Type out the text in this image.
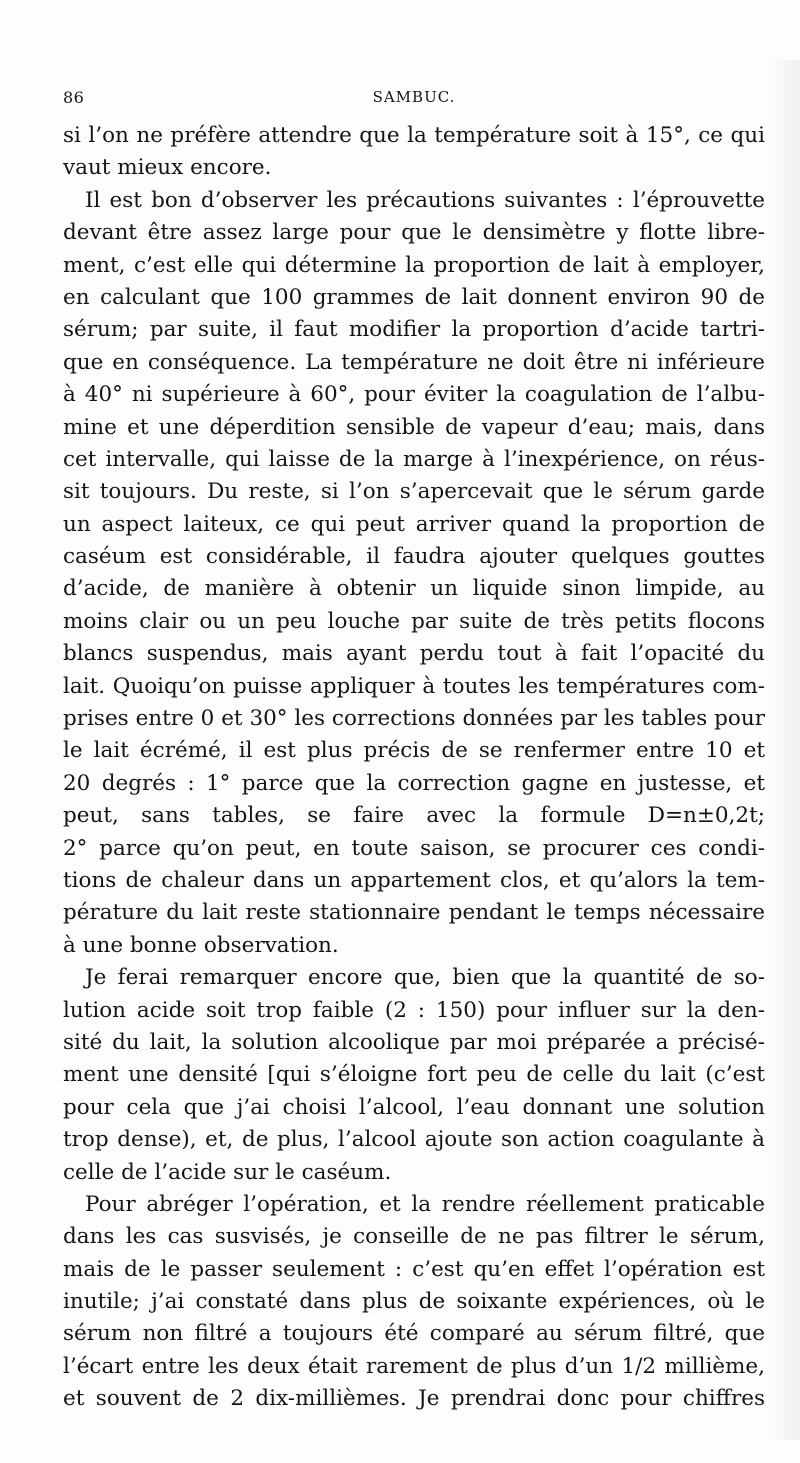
86	SAMBUC.
si l’on ne préfère attendre que la température soit à 15°, ce qui
vaut mieux encore.
Il est bon d’observer les précautions suivantes : l’éprouvette
devant être assez large pour que le densimètre y flotte libre-
ment, c’est elle qui détermine la proportion de lait à employer,
en calculant que 100 grammes de lait donnent environ 90 de
sérum; par suite, il faut modifier la proportion d’acide tartri-
que en conséquence. La température ne doit être ni inférieure
à 40° ni supérieure à 60°, pour éviter la coagulation de l’albu-
mine et une déperdition sensible de vapeur d’eau; mais, dans
cet intervalle, qui laisse de la marge à l’inexpérience, on réus-
sit toujours. Du reste, si l’on s’apercevait que le sérum garde
un aspect laiteux, ce qui peut arriver quand la proportion de
caséum est considérable, il faudra ajouter quelques gouttes
d’acide, de manière à obtenir un liquide sinon limpide, au
moins clair ou un peu louche par suite de très petits flocons
blancs suspendus, mais ayant perdu tout à fait l’opacité du
lait. Quoiqu’on puisse appliquer à toutes les températures com-
prises entre 0 et 30° les corrections données par les tables pour
le lait écrémé, il est plus précis de se renfermer entre 10 et
20 degrés : 1° parce que la correction gagne en justesse, et
peut, sans tables, se faire avec la formule D=n±0,2t;
2° parce qu’on peut, en toute saison, se procurer ces condi-
tions de chaleur dans un appartement clos, et qu’alors la tem-
pérature du lait reste stationnaire pendant le temps nécessaire
à une bonne observation.
Je ferai remarquer encore que, bien que la quantité de so-
lution acide soit trop faible (2 : 150) pour influer sur la den-
sité du lait, la solution alcoolique par moi préparée a précisé-
ment une densité [qui s’éloigne fort peu de celle du lait (c’est
pour cela que j’ai choisi l’alcool, l’eau donnant une solution
trop dense), et, de plus, l’alcool ajoute son action coagulante à
celle de l’acide sur le caséum.
Pour abréger l’opération, et la rendre réellement praticable
dans les cas susvisés, je conseille de ne pas filtrer le sérum,
mais de le passer seulement : c’est qu’en effet l’opération est
inutile; j’ai constaté dans plus de soixante expériences, où le
sérum non filtré a toujours été comparé au sérum filtré, que
l’écart entre les deux était rarement de plus d’un 1/2 millième,
et souvent de 2 dix-millièmes. Je prendrai donc pour chiffres
